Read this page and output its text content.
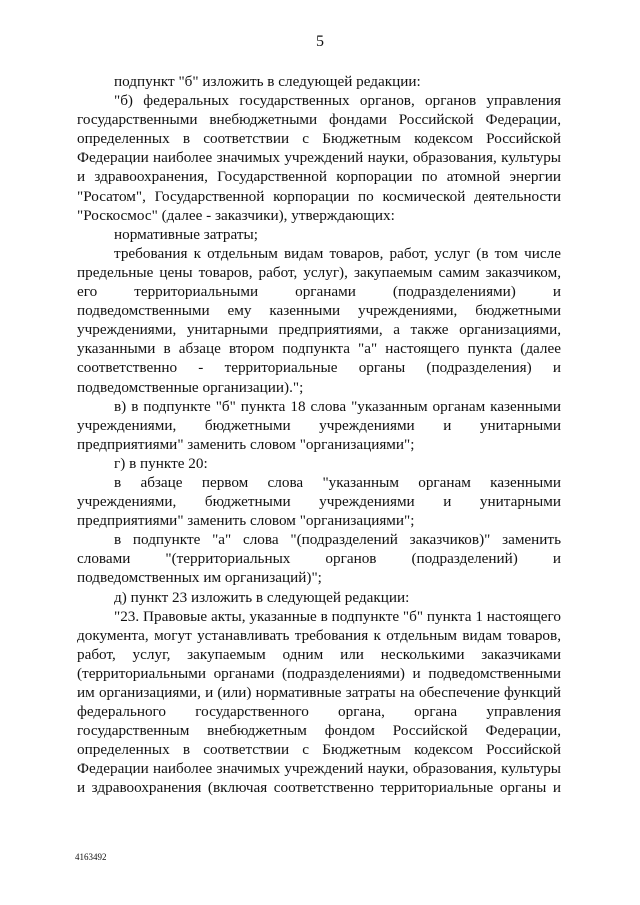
5

подпункт "б" изложить в следующей редакции:

"б) федеральных государственных органов, органов управления государственными внебюджетными фондами Российской Федерации, определенных в соответствии с Бюджетным кодексом Российской Федерации наиболее значимых учреждений науки, образования, культуры и здравоохранения, Государственной корпорации по атомной энергии "Росатом", Государственной корпорации по космической деятельности "Роскосмос" (далее - заказчики), утверждающих:

нормативные затраты;

требования к отдельным видам товаров, работ, услуг (в том числе предельные цены товаров, работ, услуг), закупаемым самим заказчиком, его территориальными органами (подразделениями) и подведомственными ему казенными учреждениями, бюджетными учреждениями, унитарными предприятиями, а также организациями, указанными в абзаце втором подпункта "а" настоящего пункта (далее соответственно - территориальные органы (подразделения) и подведомственные организации).";

в) в подпункте "б" пункта 18 слова "указанным органам казенными учреждениями, бюджетными учреждениями и унитарными предприятиями" заменить словом "организациями";

г) в пункте 20:

в абзаце первом слова "указанным органам казенными учреждениями, бюджетными учреждениями и унитарными предприятиями" заменить словом "организациями";

в подпункте "а" слова "(подразделений заказчиков)" заменить словами "(территориальных органов (подразделений) и подведомственных им организаций)";

д) пункт 23 изложить в следующей редакции:

"23. Правовые акты, указанные в подпункте "б" пункта 1 настоящего документа, могут устанавливать требования к отдельным видам товаров, работ, услуг, закупаемым одним или несколькими заказчиками (территориальными органами (подразделениями) и подведомственными им организациями, и (или) нормативные затраты на обеспечение функций федерального государственного органа, органа управления государственным внебюджетным фондом Российской Федерации, определенных в соответствии с Бюджетным кодексом Российской Федерации наиболее значимых учреждений науки, образования, культуры и здравоохранения (включая соответственно территориальные органы и

4163492
